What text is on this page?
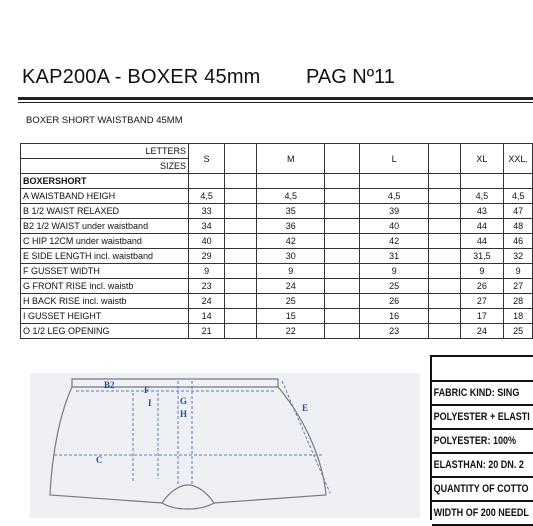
KAP200A - BOXER 45mm PAG Nº11
BOXER SHORT WAISTBAND 45MM
LETTERS	S		M		L		XL	XXL.
SIZES								
BOXERSHORT								
A WAISTBAND HEIGH	4,5		4,5		4,5		4,5	4,5
B 1/2 WAIST RELAXED	33		35		39		43	47
B2 1/2 WAIST under waistband	34		36		40		44	48
C HIP 12CM under waistband	40		42		42		44	46
E SIDE LENGTH incl. waistband	29		30		31		31,5	32
F GUSSET WIDTH	9		9		9		9	9
G FRONT RISE incl. waistb	23		24		25		26	27
H BACK RISE incl. waistb	24		25		26		27	28
I GUSSET HEIGHT	14		15		16		17	18
O 1/2 LEG OPENING	21		22		23		24	25
B2	F
I	G
H
E
C
FABRIC KIND: SING
POLYESTER + ELASTI
POLYESTER: 100%
ELASTHAN: 20 DN. 2
QUANTITY OF COTTO
WIDTH OF 200 NEEDL
